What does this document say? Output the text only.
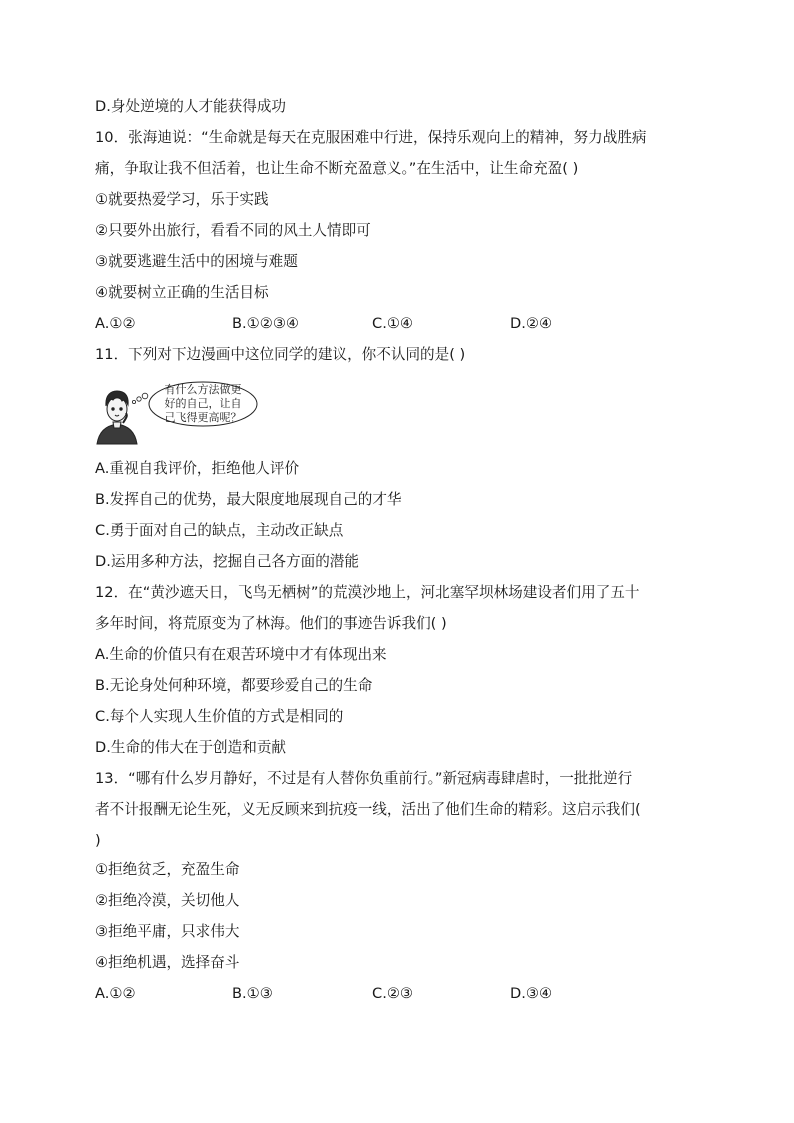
D.身处逆境的人才能获得成功
10．张海迪说：“生命就是每天在克服困难中行进，保持乐观向上的精神，努力战胜病
痛，争取让我不但活着，也让生命不断充盈意义。”在生活中，让生命充盈( )
①就要热爱学习，乐于实践
②只要外出旅行，看看不同的风土人情即可
③就要逃避生活中的困境与难题
④就要树立正确的生活目标
A.①②	B.①②③④	C.①④	D.②④
11．下列对下边漫画中这位同学的建议，你不认同的是( )
有什么方法做更
好的自己，让自
己飞得更高呢？
A.重视自我评价，拒绝他人评价
B.发挥自己的优势，最大限度地展现自己的才华
C.勇于面对自己的缺点，主动改正缺点
D.运用多种方法，挖掘自己各方面的潜能
12．在“黄沙遮天日，飞鸟无栖树”的荒漠沙地上，河北塞罕坝林场建设者们用了五十
多年时间，将荒原变为了林海。他们的事迹告诉我们( )
A.生命的价值只有在艰苦环境中才有体现出来
B.无论身处何种环境，都要珍爱自己的生命
C.每个人实现人生价值的方式是相同的
D.生命的伟大在于创造和贡献
13．“哪有什么岁月静好，不过是有人替你负重前行。”新冠病毒肆虐时，一批批逆行
者不计报酬无论生死，义无反顾来到抗疫一线，活出了他们生命的精彩。这启示我们(
)
①拒绝贫乏，充盈生命
②拒绝冷漠，关切他人
③拒绝平庸，只求伟大
④拒绝机遇，选择奋斗
A.①②	B.①③	C.②③	D.③④
